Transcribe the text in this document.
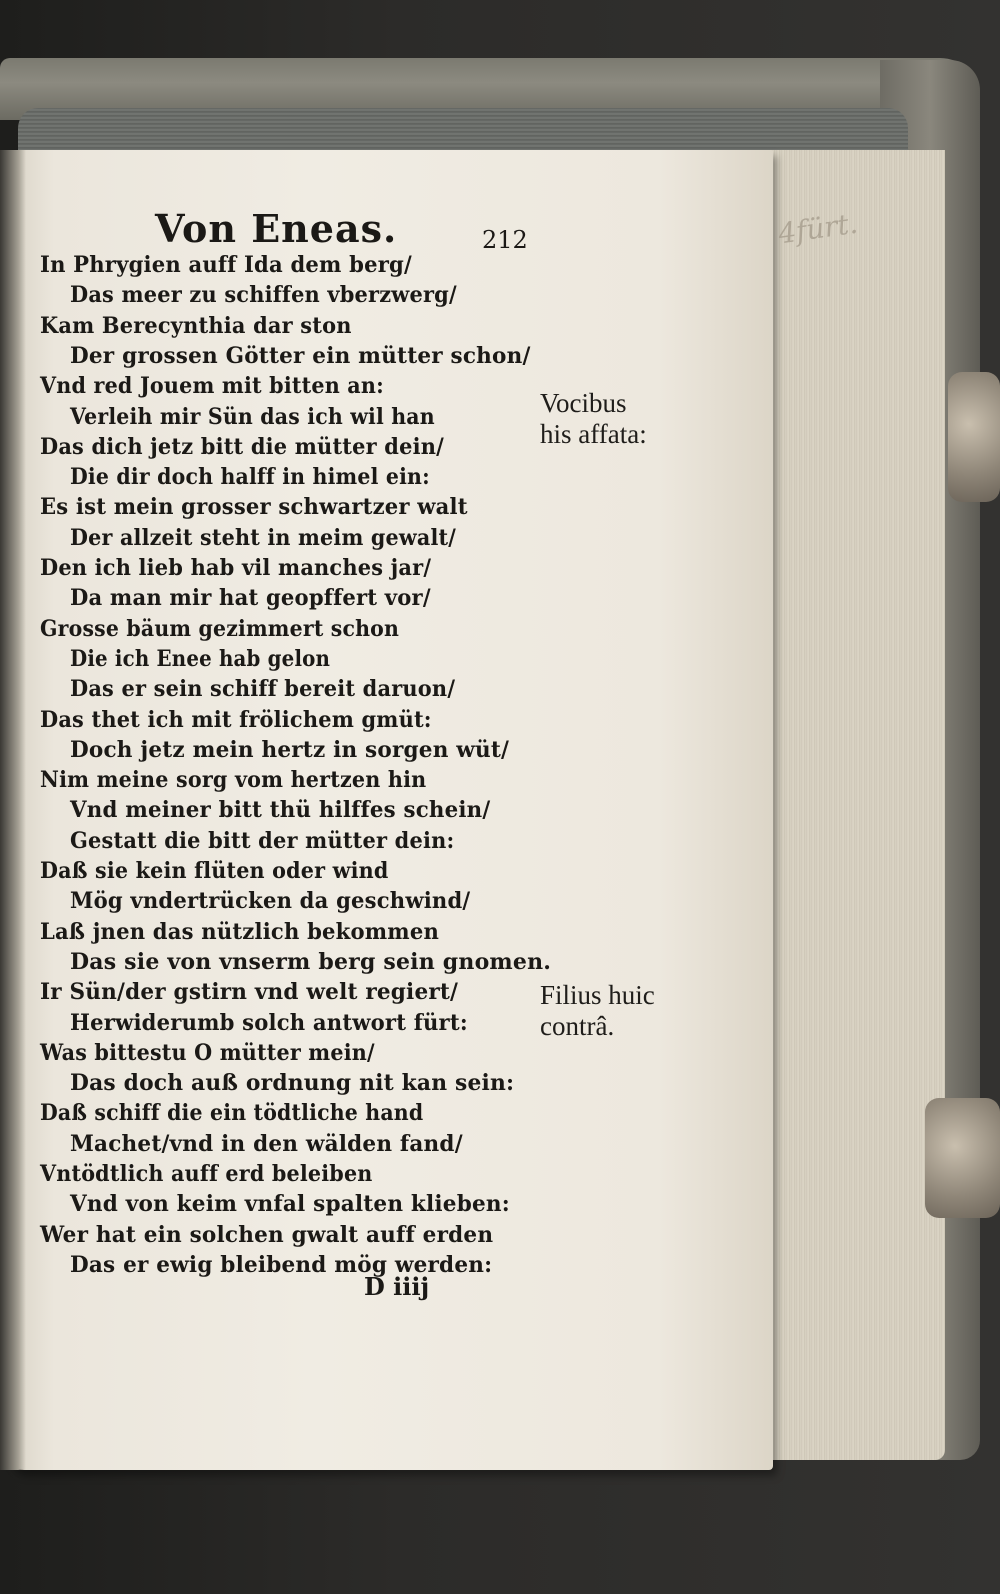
4fürt.
Von Eneas.	212
In Phrygien auff Ida dem berg/
Das meer zu schiffen vberzwerg/
Kam Berecynthia dar ston
Der grossen Götter ein mütter schon/
Vnd red Jouem mit bitten an:
Verleih mir Sün das ich wil han
Das dich jetz bitt die mütter dein/
Die dir doch halff in himel ein:
Es ist mein grosser schwartzer walt
Der allzeit steht in meim gewalt/
Den ich lieb hab vil manches jar/
Da man mir hat geopffert vor/
Grosse bäum gezimmert schon
Die ich Enee hab gelon
Das er sein schiff bereit daruon/
Das thet ich mit frölichem gmüt:
Doch jetz mein hertz in sorgen wüt/
Nim meine sorg vom hertzen hin
Vnd meiner bitt thü hilffes schein/
Gestatt die bitt der mütter dein:
Daß sie kein flüten oder wind
Mög vndertrücken da geschwind/
Laß jnen das nützlich bekommen
Das sie von vnserm berg sein gnomen.
Ir Sün/der gstirn vnd welt regiert/
Herwiderumb solch antwort fürt:
Was bittestu O mütter mein/
Das doch auß ordnung nit kan sein:
Daß schiff die ein tödtliche hand
Machet/vnd in den wälden fand/
Vntödtlich auff erd beleiben
Vnd von keim vnfal spalten klieben:
Wer hat ein solchen gwalt auff erden
Das er ewig bleibend mög werden:
Vocibus
his affata:
Filius huic
contrâ.
D iiij
